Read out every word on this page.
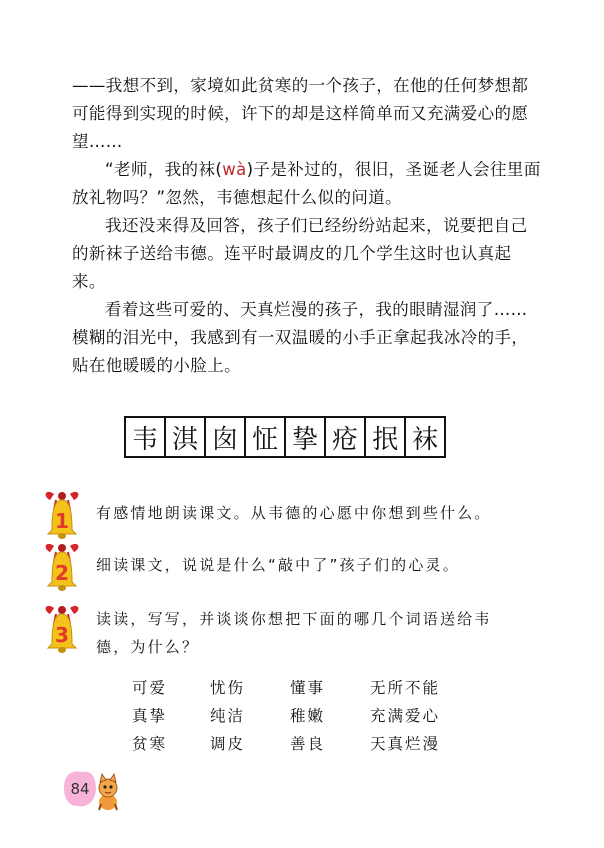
——我想不到，家境如此贫寒的一个孩子，在他的任何梦想都可能得到实现的时候，许下的却是这样简单而又充满爱心的愿望……

“老师，我的袜(wà)子是补过的，很旧，圣诞老人会往里面放礼物吗？”忽然，韦德想起什么似的问道。

我还没来得及回答，孩子们已经纷纷站起来，说要把自己的新袜子送给韦德。连平时最调皮的几个学生这时也认真起来。

看着这些可爱的、天真烂漫的孩子，我的眼睛湿润了……模糊的泪光中，我感到有一双温暖的小手正拿起我冰冷的手，贴在他暖暖的小脸上。

韦 淇 囱 怔 挚 疮 抿 袜
1 有感情地朗读课文。从韦德的心愿中你想到些什么。
2 细读课文，说说是什么“敲中了”孩子们的心灵。
3
读读，写写，并谈谈你想把下面的哪几个词语送给韦
德，为什么？
可爱	忧伤	懂事	无所不能
真挚	纯洁	稚嫩	充满爱心
贫寒	调皮	善良	天真烂漫
84
